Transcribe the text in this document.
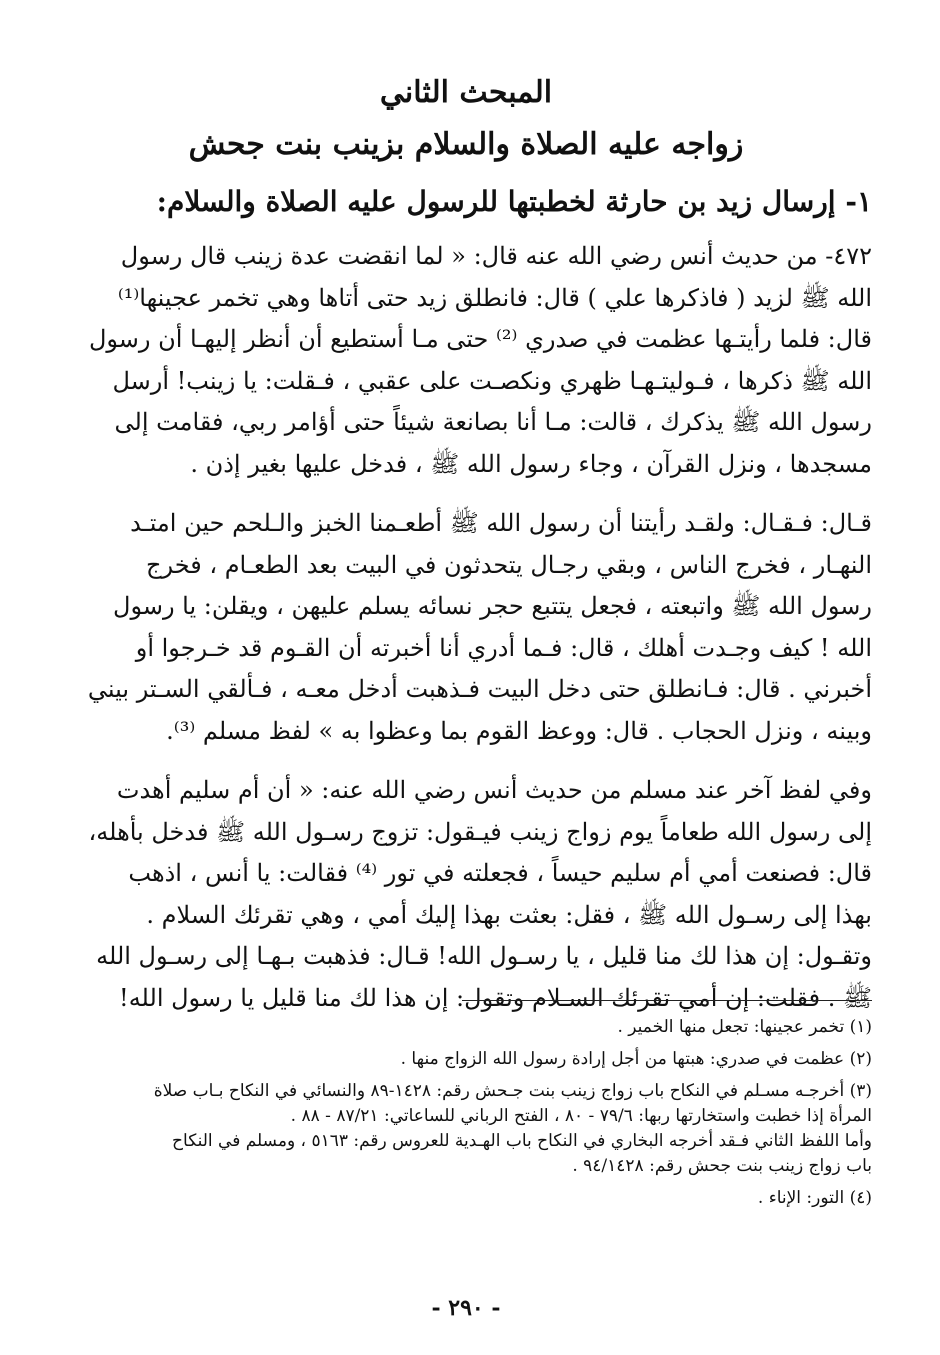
المبحث الثاني
زواجه عليه الصلاة والسلام بزينب بنت جحش
١- إرسال زيد بن حارثة لخطبتها للرسول عليه الصلاة والسلام:
٤٧٢- من حديث أنس رضي الله عنه قال: « لما انقضت عدة زينب قال رسول
الله ﷺ لزيد ( فاذكرها علي ) قال: فانطلق زيد حتى أتاها وهي تخمر عجينها⁽¹⁾
قال: فلما رأيتـها عظمت في صدري ⁽²⁾ حتى مـا أستطيع أن أنظر إليهـا أن رسول
الله ﷺ ذكرها ، فـوليتـهـا ظهري ونكصـت على عقبي ، فـقلت: يا زينب! أرسل
رسول الله ﷺ يذكرك ، قالت: مـا أنا بصانعة شيئاً حتى أؤامر ربي، فقامت إلى
مسجدها ، ونزل القرآن ، وجاء رسول الله ﷺ ، فدخل عليها بغير إذن .
قـال: فـقـال: ولقـد رأيتنا أن رسول الله ﷺ أطعـمنا الخبز والـلحم حين امتـد
النهـار ، فخرج الناس ، وبقي رجـال يتحدثون في البيت بعد الطعـام ، فخرج
رسول الله ﷺ واتبعته ، فجعل يتتبع حجر نسائه يسلم عليهن ، ويقلن: يا رسول
الله ! كيف وجـدت أهلك ، قال: فـما أدري أنا أخبرته أن القـوم قد خـرجوا أو
أخبرني . قال: فـانطلق حتى دخل البيت فـذهبت أدخل معـه ، فـألقي السـتر بيني
وبينه ، ونزل الحجاب . قال: ووعظ القوم بما وعظوا به » لفظ مسلم ⁽³⁾.
وفي لفظ آخر عند مسلم من حديث أنس رضي الله عنه: « أن أم سليم أهدت
إلى رسول الله طعاماً يوم زواج زينب فيـقول: تزوج رسـول الله ﷺ فدخل بأهله،
قال: فصنعت أمي أم سليم حيساً ، فجعلته في تور ⁽⁴⁾ فقالت: يا أنس ، اذهب
بهذا إلى رسـول الله ﷺ ، فقل: بعثت بهذا إليك أمي ، وهي تقرئك السلام .
وتقـول: إن هذا لك منا قليل ، يا رسـول الله! قـال: فذهبت بـهـا إلى رسـول الله
ﷺ . فقلت: إن أمي تقرئك السـلام وتقول: إن هذا لك منا قليل يا رسول الله!
(١) تخمر عجينها: تجعل منها الخمير .
(٢) عظمت في صدري: هبتها من أجل إرادة رسول الله الزواج منها .
(٣) أخرجـه مسـلم في النكاح باب زواج زينب بنت جـحش رقم: ١٤٢٨-٨٩ والنسائي في النكاح بـاب صلاة
المرأة إذا خطبت واستخارتها ربها: ٧٩/٦ - ٨٠ ، الفتح الرباني للساعاتي: ٨٧/٢١ - ٨٨ .
وأما اللفظ الثاني فـقد أخرجه البخاري في النكاح باب الهـدية للعروس رقم: ٥١٦٣ ، ومسلم في النكاح
باب زواج زينب بنت جحش رقم: ٩٤/١٤٢٨ .
(٤) التور: الإناء .
- ٢٩٠ -
